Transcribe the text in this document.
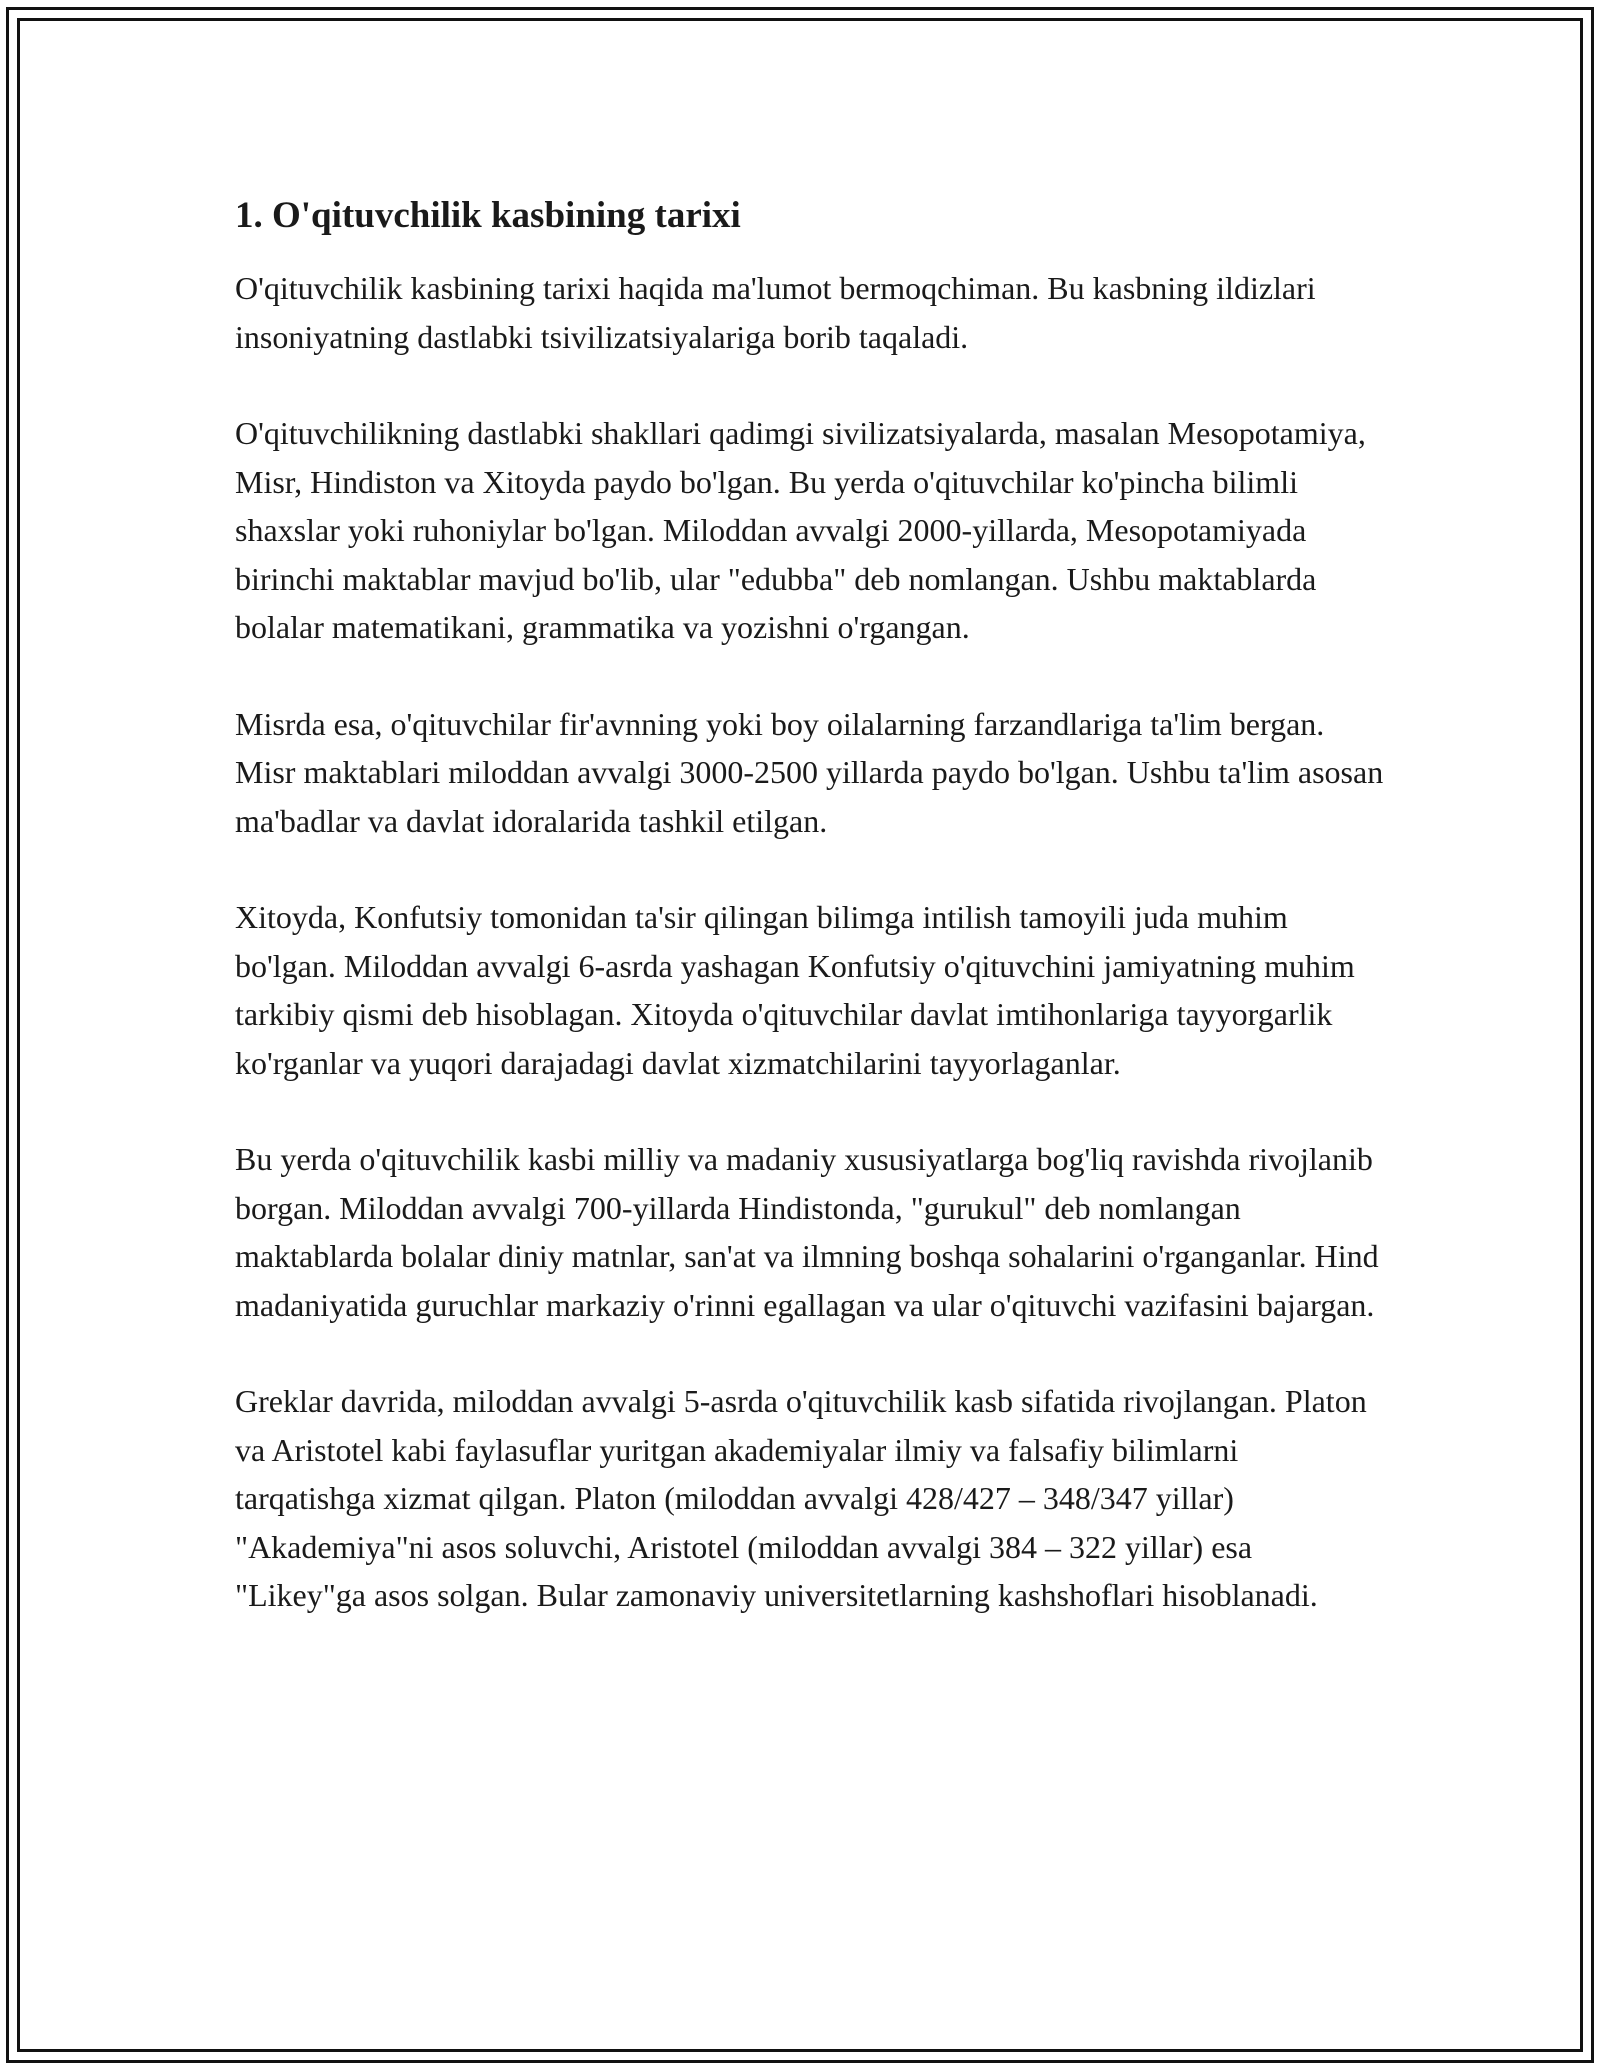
1. O'qituvchilik kasbining tarixi

O'qituvchilik kasbining tarixi haqida ma'lumot bermoqchiman. Bu kasbning ildizlari insoniyatning dastlabki tsivilizatsiyalariga borib taqaladi.

O'qituvchilikning dastlabki shakllari qadimgi sivilizatsiyalarda, masalan Mesopotamiya, Misr, Hindiston va Xitoyda paydo bo'lgan. Bu yerda o'qituvchilar ko'pincha bilimli shaxslar yoki ruhoniylar bo'lgan. Miloddan avvalgi 2000-yillarda, Mesopotamiyada birinchi maktablar mavjud bo'lib, ular "edubba" deb nomlangan. Ushbu maktablarda bolalar matematikani, grammatika va yozishni o'rgangan.

Misrda esa, o'qituvchilar fir'avnning yoki boy oilalarning farzandlariga ta'lim bergan. Misr maktablari miloddan avvalgi 3000-2500 yillarda paydo bo'lgan. Ushbu ta'lim asosan ma'badlar va davlat idoralarida tashkil etilgan.

Xitoyda, Konfutsiy tomonidan ta'sir qilingan bilimga intilish tamoyili juda muhim bo'lgan. Miloddan avvalgi 6-asrda yashagan Konfutsiy o'qituvchini jamiyatning muhim tarkibiy qismi deb hisoblagan. Xitoyda o'qituvchilar davlat imtihonlariga tayyorgarlik ko'rganlar va yuqori darajadagi davlat xizmatchilarini tayyorlaganlar.

Bu yerda o'qituvchilik kasbi milliy va madaniy xususiyatlarga bog'liq ravishda rivojlanib borgan. Miloddan avvalgi 700-yillarda Hindistonda, "gurukul" deb nomlangan maktablarda bolalar diniy matnlar, san'at va ilmning boshqa sohalarini o'rganganlar. Hind madaniyatida guruchlar markaziy o'rinni egallagan va ular o'qituvchi vazifasini bajargan.

Greklar davrida, miloddan avvalgi 5-asrda o'qituvchilik kasb sifatida rivojlangan. Platon va Aristotel kabi faylasuflar yuritgan akademiyalar ilmiy va falsafiy bilimlarni tarqatishga xizmat qilgan. Platon (miloddan avvalgi 428/427 – 348/347 yillar) "Akademiya"ni asos soluvchi, Aristotel (miloddan avvalgi 384 – 322 yillar) esa "Likey"ga asos solgan. Bular zamonaviy universitetlarning kashshoflari hisoblanadi.
